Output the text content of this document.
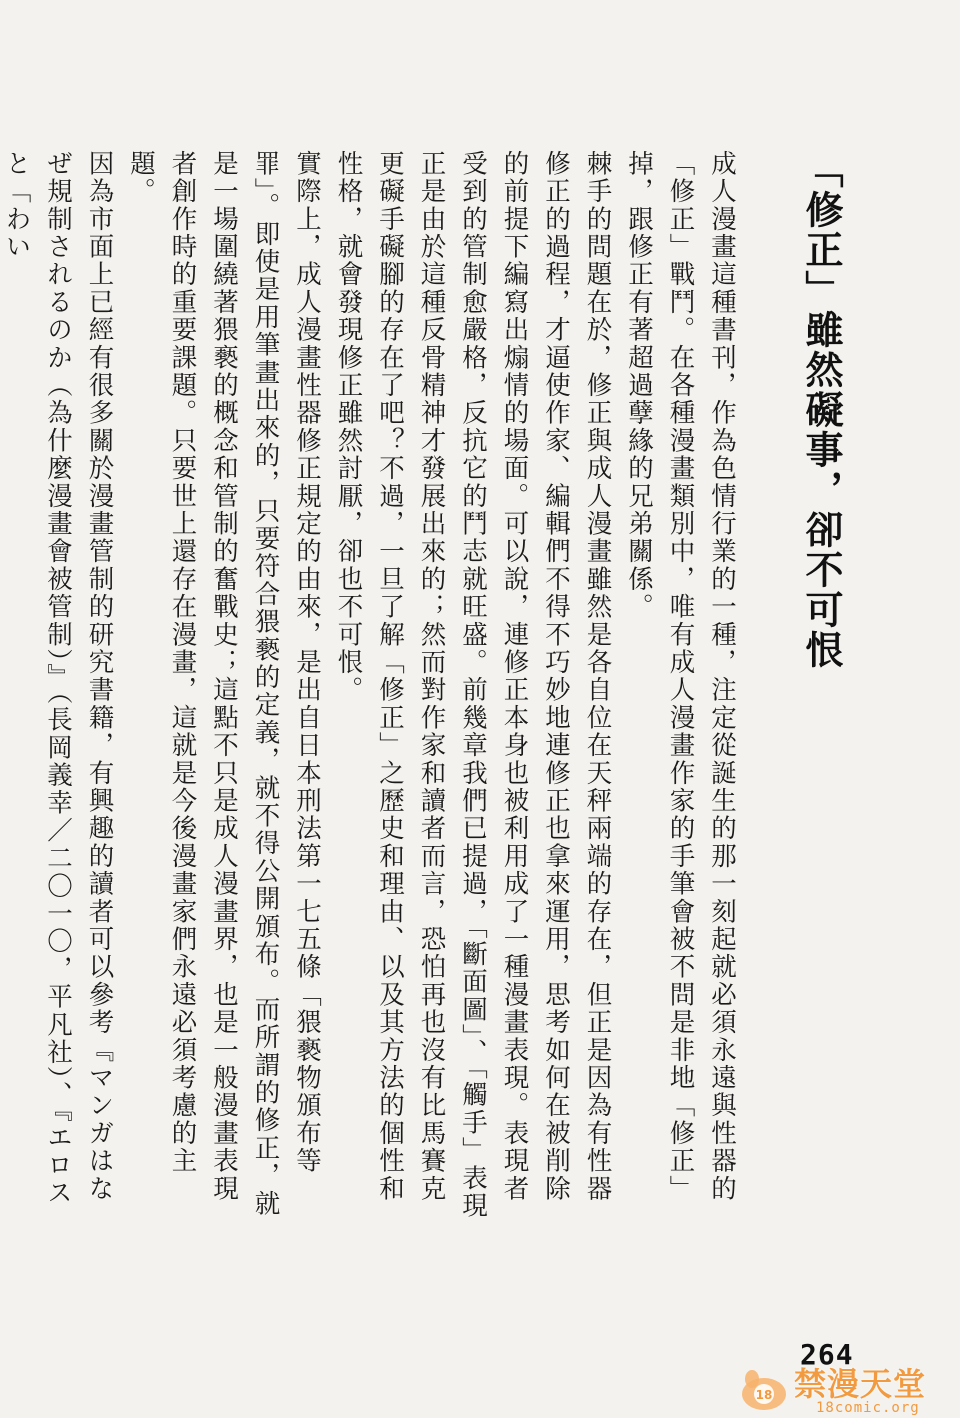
「修正」雖然礙事，卻不可恨

成人漫畫這種書刊，作為色情行業的一種，注定從誕生的那一刻起就必須永遠與性器的「修正」戰鬥。在各種漫畫類別中，唯有成人漫畫作家的手筆會被不問是非地「修正」掉，跟修正有著超過孽緣的兄弟關係。

棘手的問題在於，修正與成人漫畫雖然是各自位在天秤兩端的存在，但正是因為有性器修正的過程，才逼使作家、編輯們不得不巧妙地連修正也拿來運用，思考如何在被削除的前提下編寫出煽情的場面。可以說，連修正本身也被利用成了一種漫畫表現。表現者受到的管制愈嚴格，反抗它的鬥志就旺盛。前幾章我們已提過，「斷面圖」、「觸手」表現正是由於這種反骨精神才發展出來的；然而對作家和讀者而言，恐怕再也沒有比馬賽克更礙手礙腳的存在了吧？不過，一旦了解「修正」之歷史和理由、以及其方法的個性和性格，就會發現修正雖然討厭，卻也不可恨。

實際上，成人漫畫性器修正規定的由來，是出自日本刑法第一七五條「猥褻物頒布等罪」。即使是用筆畫出來的，只要符合猥褻的定義，就不得公開頒布。而所謂的修正，就是一場圍繞著猥褻的概念和管制的奮戰史；這點不只是成人漫畫界，也是一般漫畫表現者創作時的重要課題。只要世上還存在漫畫，這就是今後漫畫家們永遠必須考慮的主題。

因為市面上已經有很多關於漫畫管制的研究書籍，有興趣的讀者可以參考『マンガはなぜ規制されるのか（為什麼漫畫會被管制）』（長岡義幸／二〇一〇，平凡社）、『エロスと「わい

264
18 禁漫天堂
18comic.org
